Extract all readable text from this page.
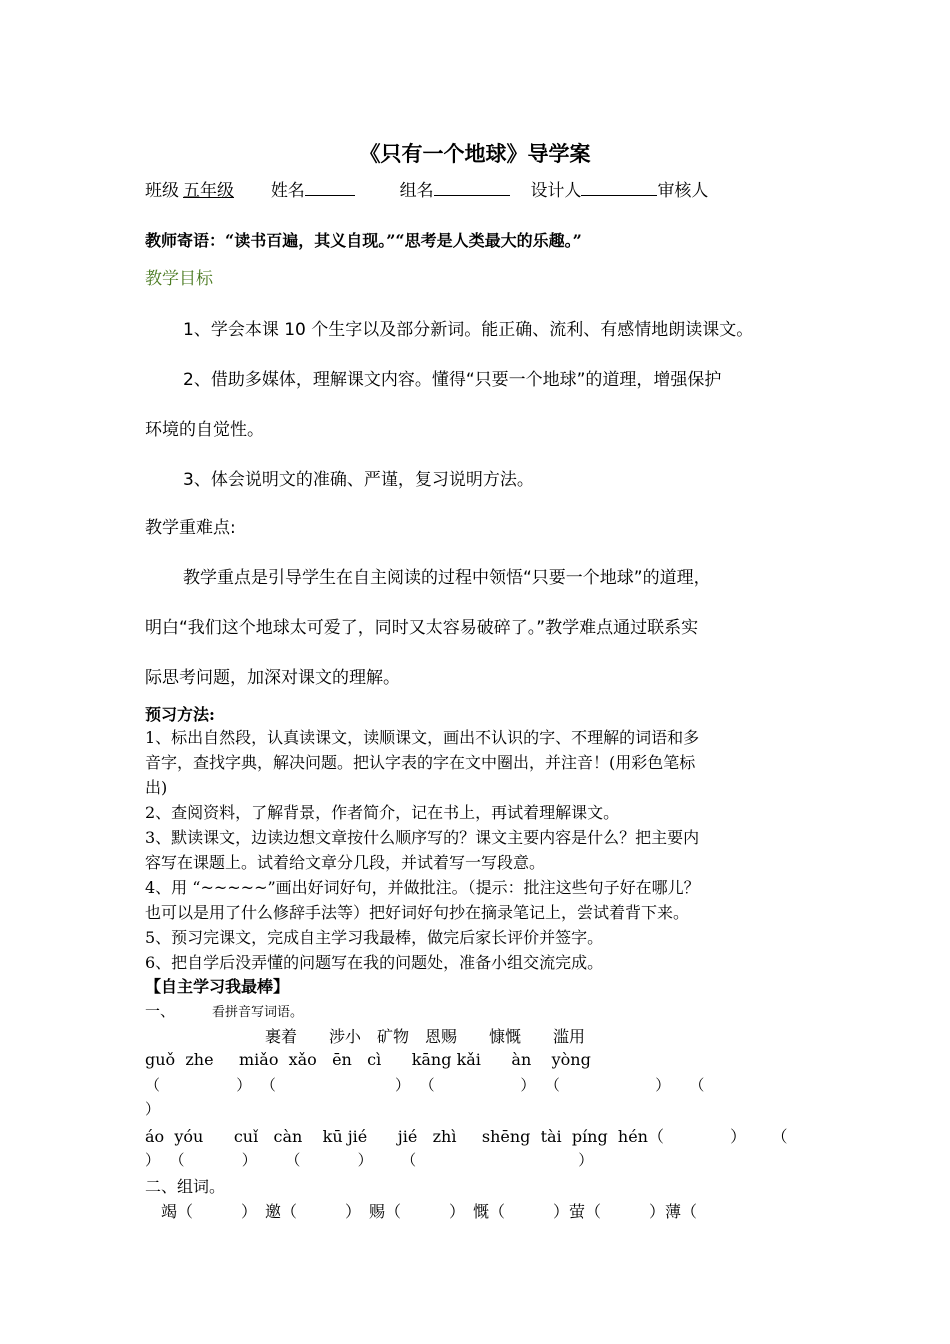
《只有一个地球》导学案
班级 五年级 姓名	组名	设计人	审核人
教师寄语：“读书百遍，其义自现。”“思考是人类最大的乐趣。”
教学目标
1、学会本课 10 个生字以及部分新词。能正确、流利、有感情地朗读课文。
2、借助多媒体，理解课文内容。懂得“只要一个地球”的道理，增强保护
环境的自觉性。
3、体会说明文的准确、严谨，复习说明方法。
教学重难点:
教学重点是引导学生在自主阅读的过程中领悟“只要一个地球”的道理，
明白“我们这个地球太可爱了，同时又太容易破碎了。”教学难点通过联系实
际思考问题，加深对课文的理解。
预习方法:
1、标出自然段，认真读课文，读顺课文，画出不认识的字、不理解的词语和多
音字，查找字典，解决问题。把认字表的字在文中圈出，并注音！(用彩色笔标
出)
2、查阅资料，了解背景，作者简介，记在书上，再试着理解课文。
3、默读课文，边读边想文章按什么顺序写的？课文主要内容是什么？把主要内
容写在课题上。试着给文章分几段，并试着写一写段意。
4、用 “~~~~~”画出好词好句，并做批注。（提示：批注这些句子好在哪儿？
也可以是用了什么修辞手法等）把好词好句抄在摘录笔记上，尝试着背下来。
5、预习完课文，完成自主学习我最棒，做完后家长评价并签字。
6、把自学后没弄懂的问题写在我的问题处，准备小组交流完成。
【自主学习我最棒】
一、	看拼音写词语。
裹着　　涉小　矿物　恩赐　　慷慨　　滥用
guǒ  zhe     miǎo  xǎo   ēn   cì      kāng kǎi      àn    yòng
（                ）  （                         ）  （                  ）  （                    ）    （
）
áo  yóu      cuǐ   càn    kū jié      jié   zhì     shēng  tài  píng  hén（             ）     （
）  （            ）      （            ）      （                                  ）
二、组词。
　竭（　　　）　邀（　　　）　赐（　　　）　慨（　　　）萤（　　　）薄（
